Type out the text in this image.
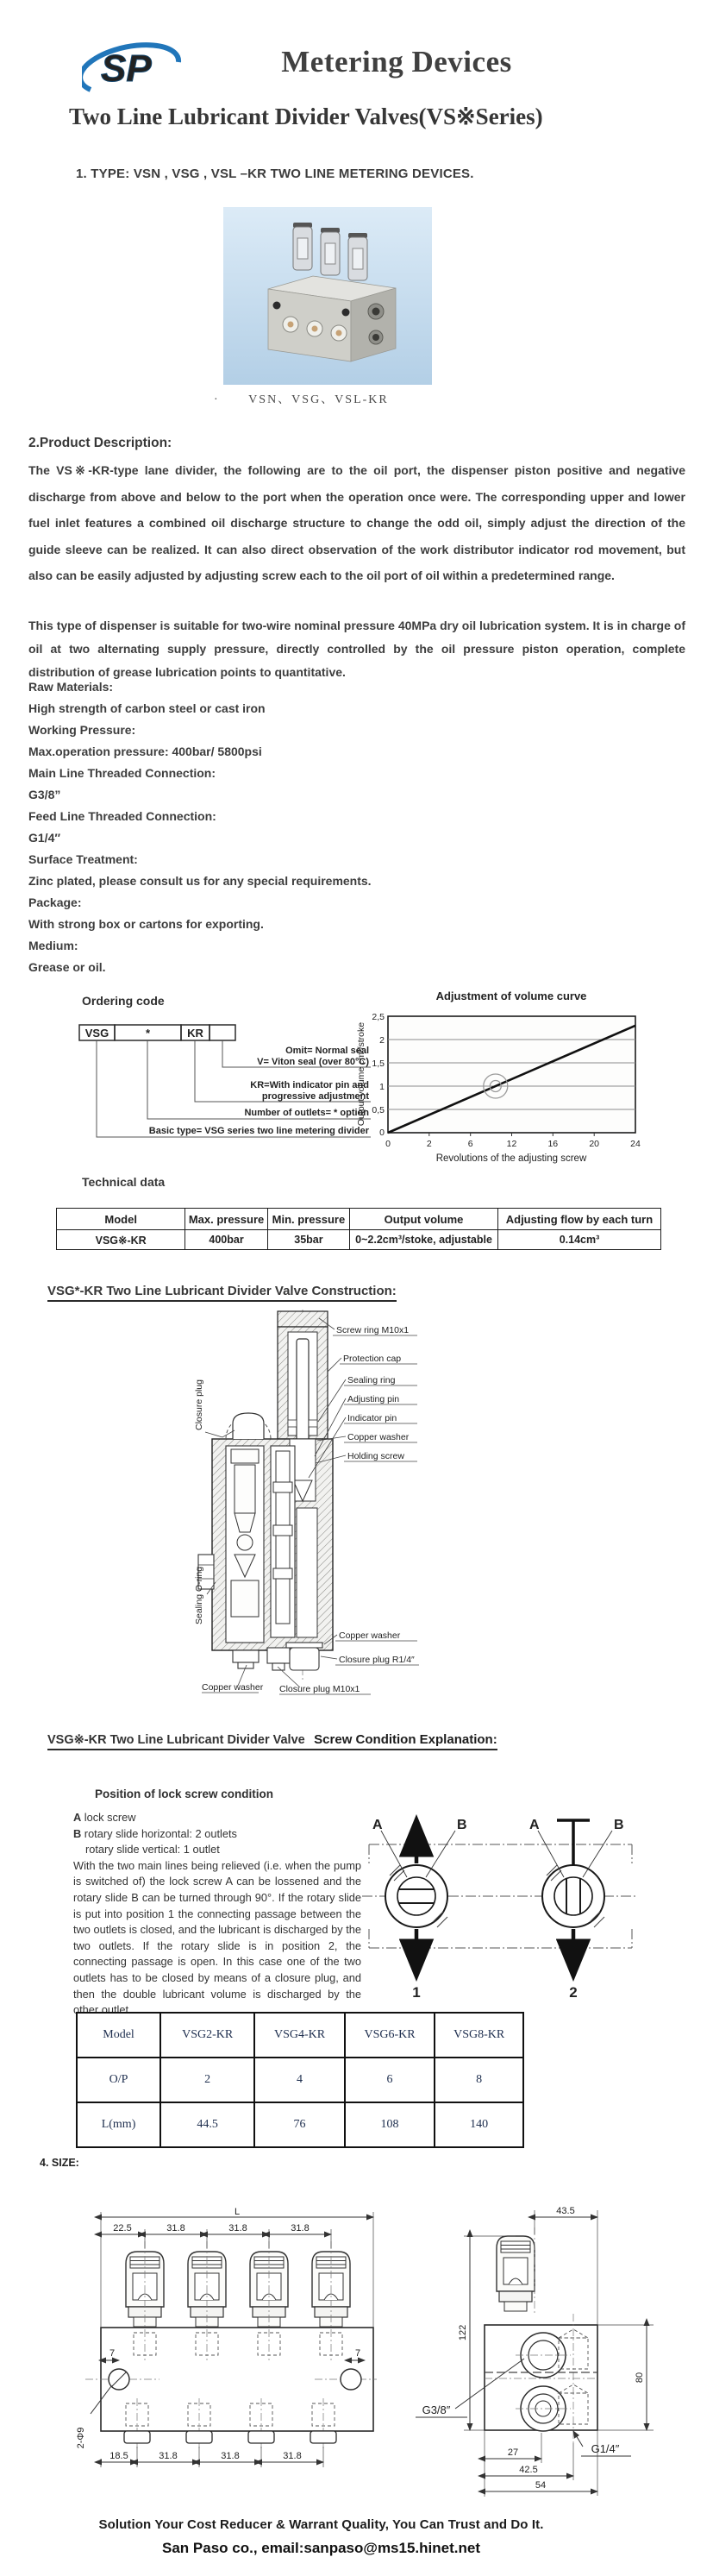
SP	Metering Devices
Two Line Lubricant Divider Valves(VS※Series)
1. TYPE: VSN , VSG , VSL –KR TWO LINE METERING DEVICES.
· VSN、VSG、VSL-KR
2.Product Description:
The VS※-KR-type lane divider, the following are to the oil port, the dispenser piston positive and negative discharge from above and below to the port when the operation once were. The corresponding upper and lower fuel inlet features a combined oil discharge structure to change the odd oil, simply adjust the direction of the guide sleeve can be realized. It can also direct observation of the work distributor indicator rod movement, but also can be easily adjusted by adjusting screw each to the oil port of oil within a predetermined range.
This type of dispenser is suitable for two-wire nominal pressure 40MPa dry oil lubrication system. It is in charge of oil at two alternating supply pressure, directly controlled by the oil pressure piston operation, complete distribution of grease lubrication points to quantitative.
Raw Materials:
High strength of carbon steel or cast iron
Working Pressure:
Max.operation pressure: 400bar/ 5800psi
Main Line Threaded Connection:
G3/8”
Feed Line Threaded Connection:
G1/4″
Surface Treatment:
Zinc plated, please consult us for any special requirements.
Package:
With strong box or cartons for exporting.
Medium:
Grease or oil.
Ordering code
VSG	*	KR
Omit= Normal seal
V= Viton seal (over 80°C)
KR=With indicator pin and
progressive adjustment
Number of outlets= * option
Basic type= VSG series two line metering divider
Adjustment of volume curve
Output volume cm³/stroke
2,5
2
1,5
1
0,5
0
0	2	6	12	16	20	24
Revolutions of the adjusting screw
Technical data
Model	Max. pressure	Min. pressure	Output volume	Adjusting flow by each turn
VSG※-KR	400bar	35bar	0~2.2cm³/stoke, adjustable	0.14cm³
VSG*-KR Two Line Lubricant Divider Valve Construction:
Screw ring M10x1
Protection cap
Sealing ring
Adjusting pin
Indicator pin
Copper washer
Holding screw
Closure plug
Sealing O-ring
Copper washer
Closure plug R1/4″
Copper washer Closure plug M10x1
VSG※-KR Two Line Lubricant Divider Valve Screw Condition Explanation:
Position of lock screw condition
A lock screw
B rotary slide horizontal: 2 outlets
rotary slide vertical: 1 outlet
With the two main lines being relieved (i.e. when the pump is switched of) the lock screw A can be lossened and the rotary slide B can be turned through 90°. If the rotary slide is put into position 1 the connecting passage between the two outlets is closed, and the lubricant is discharged by the two outlets. If the rotary slide is in position 2, the connecting passage is open. In this case one of the two outlets has to be closed by means of a closure plug, and then the double lubricant volume is discharged by the other outlet.
A	B
1
A	B
2
Model	VSG2-KR	VSG4-KR	VSG6-KR	VSG8-KR
O/P	2	4	6	8
L(mm)	44.5	76	108	140
4. SIZE:
L
22.5	31.8	31.8	31.8
7	7
2-Φ9
18.5	31.8	31.8	31.8
43.5
122
80
G3/8″
G1/4″
27
42.5
54
Solution Your Cost Reducer & Warrant Quality, You Can Trust and Do It.
San Paso co., email:sanpaso@ms15.hinet.net
